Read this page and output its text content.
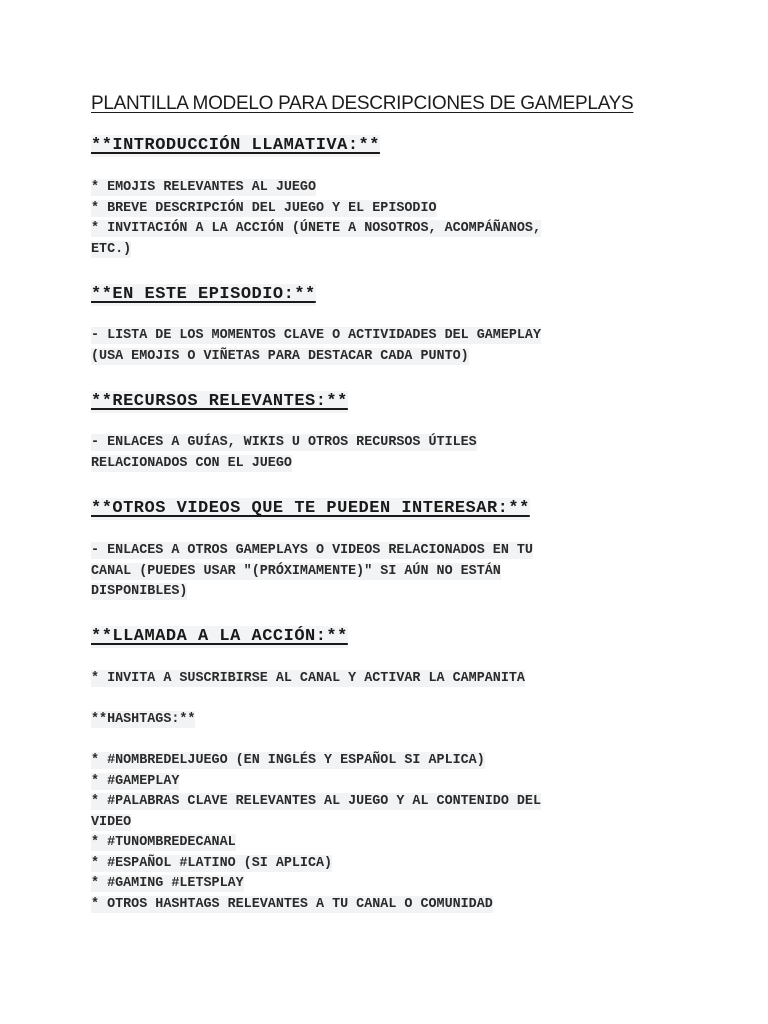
PLANTILLA MODELO PARA DESCRIPCIONES DE GAMEPLAYS
**INTRODUCCIÓN LLAMATIVA:**
* EMOJIS RELEVANTES AL JUEGO
* BREVE DESCRIPCIÓN DEL JUEGO Y EL EPISODIO
* INVITACIÓN A LA ACCIÓN (ÚNETE A NOSOTROS, ACOMPÁÑANOS,
ETC.)
**EN ESTE EPISODIO:**
- LISTA DE LOS MOMENTOS CLAVE O ACTIVIDADES DEL GAMEPLAY
(USA EMOJIS O VIÑETAS PARA DESTACAR CADA PUNTO)
**RECURSOS RELEVANTES:**
- ENLACES A GUÍAS, WIKIS U OTROS RECURSOS ÚTILES
RELACIONADOS CON EL JUEGO
**OTROS VIDEOS QUE TE PUEDEN INTERESAR:**
- ENLACES A OTROS GAMEPLAYS O VIDEOS RELACIONADOS EN TU
CANAL (PUEDES USAR "(PRÓXIMAMENTE)" SI AÚN NO ESTÁN
DISPONIBLES)
**LLAMADA A LA ACCIÓN:**
* INVITA A SUSCRIBIRSE AL CANAL Y ACTIVAR LA CAMPANITA
**HASHTAGS:**
* #NOMBREDELJUEGO (EN INGLÉS Y ESPAÑOL SI APLICA)
* #GAMEPLAY
* #PALABRAS CLAVE RELEVANTES AL JUEGO Y AL CONTENIDO DEL
VIDEO
* #TUNOMBREDECANAL
* #ESPAÑOL #LATINO (SI APLICA)
* #GAMING #LETSPLAY
* OTROS HASHTAGS RELEVANTES A TU CANAL O COMUNIDAD
